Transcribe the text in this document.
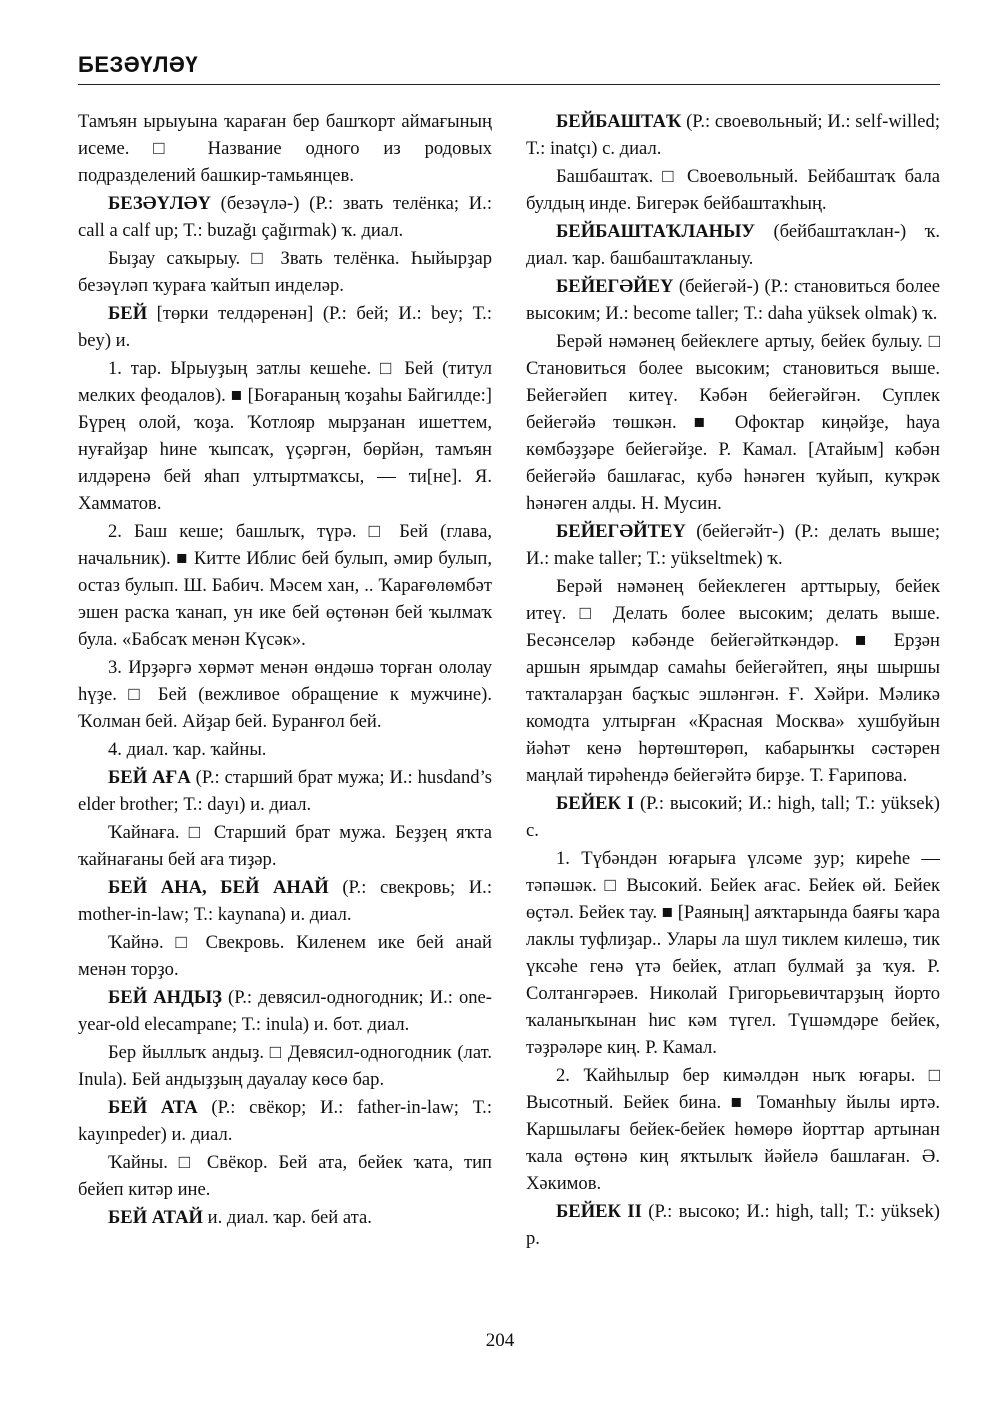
БЕЗӘҮЛӘҮ

Тамъян ырыуына ҡараған бер башҡорт аймағының исеме. □ Название одного из родовых подразделений башкир-тамьянцев.

БЕЗӘҮЛӘҮ (безәүлә-) (Р.: звать телёнка; И.: call a calf up; Т.: buzağı çağırmak) ҡ. диал.

Быҙау саҡырыу. □ Звать телёнка. Һыйырҙар безәүләп ҡураға ҡайтып инделәр.

БЕЙ [төрки телдәренән] (Р.: бей; И.: bey; Т.: bey) и.

1. тар. Ырыуҙың затлы кешеһе. □ Бей (титул мелких феодалов). ■ [Боғараның ҡоҙаһы Байгилде:] Бүрең олой, ҡоҙа. Ҡотлояр мырҙанан ишеттем, нуғайҙар һине ҡыпсаҡ, үҫәргән, бөрйән, тамъян илдәренә бей яһап ултыртмаҡсы, — ти[не]. Я. Хамматов.

2. Баш кеше; башлыҡ, түрә. □ Бей (глава, начальник). ■ Китте Иблис бей булып, әмир булып, остаз булып. Ш. Бабич. Мәсем хан, .. Ҡарағөлөмбәт эшен расҡа ҡанап, ун ике бей өҫтөнән бей ҡылмаҡ була. «Бабсаҡ менән Күсәк».

3. Ирҙәргә хөрмәт менән өндәшә торған ололау һүҙе. □ Бей (вежливое обращение к мужчине). Ҡолман бей. Айҙар бей. Буранғол бей.

4. диал. ҡар. ҡайны.

БЕЙ АҒА (Р.: старший брат мужа; И.: husdand’s elder brother; Т.: dayı) и. диал.

Ҡайнаға. □ Старший брат мужа. Беҙҙең яҡта ҡайнағаны бей аға тиҙәр.

БЕЙ АНА, БЕЙ АНАЙ (Р.: свекровь; И.: mother-in-law; Т.: kaynana) и. диал.

Ҡайнә. □ Свекровь. Киленем ике бей анай менән торҙо.

БЕЙ АНДЫҘ (Р.: девясил-одногодник; И.: one-year-old elecampane; Т.: inula) и. бот. диал.

Бер йыллыҡ андыҙ. □ Девясил-одногодник (лат. Inula). Бей андыҙҙың дауалау көсө бар.

БЕЙ АТА (Р.: свёкор; И.: father-in-law; Т.: kayınpeder) и. диал.

Ҡайны. □ Свёкор. Бей ата, бейек ҡата, тип бейеп китәр ине.

БЕЙ АТАЙ и. диал. ҡар. бей ата.

БЕЙБАШТАҠ (Р.: своевольный; И.: self-willed; Т.: inatçı) с. диал.

Башбаштаҡ. □ Своевольный. Бейбаштаҡ бала булдың инде. Бигерәк бейбаштаҡһың.

БЕЙБАШТАҠЛАНЫУ (бейбаштаҡлан-) ҡ. диал. ҡар. башбаштаҡланыу.

БЕЙЕГӘЙЕҮ (бейегәй-) (Р.: становиться более высоким; И.: become taller; Т.: daha yüksek olmak) ҡ.

Берәй нәмәнең бейеклеге артыу, бейек булыу. □ Становиться более высоким; становиться выше. Бейегәйеп китеү. Кәбән бейегәйгән. Суплек бейегәйә төшкән. ■ Офоктар киңәйҙе, һауа көмбәҙҙәре бейегәйҙе. Р. Камал. [Атайым] кәбән бейегәйә башлағас, кубә һәнәген ҡуйып, куҡрәк һәнәген алды. Н. Мусин.

БЕЙЕГӘЙТЕҮ (бейегәйт-) (Р.: делать выше; И.: make taller; Т.: yükseltmek) ҡ.

Берәй нәмәнең бейеклеген арттырыу, бейек итеү. □ Делать более высоким; делать выше. Бесәнселәр кәбәнде бейегәйткәндәр. ■ Ерҙән аршын ярымдар самаһы бейегәйтеп, яңы шыршы таҡталарҙан баҫҡыс эшләнгән. Ғ. Хәйри. Мәликә комодта ултырған «Красная Москва» хушбуйын йәһәт кенә һөртөштөрөп, кабарынҡы сәстәрен маңлай тирәһендә бейегәйтә бирҙе. Т. Ғарипова.

БЕЙЕК I (Р.: высокий; И.: high, tall; Т.: yüksek) с.

1. Түбәндән юғарыға үлсәме ҙур; киреһе — тәпәшәк. □ Высокий. Бейек ағас. Бейек өй. Бейек өҫтәл. Бейек тау. ■ [Раяның] аяҡтарында баяғы ҡара лаклы туфлиҙар.. Улары ла шул тиклем килешә, тик үксәһе генә үтә бейек, атлап булмай ҙа ҡуя. Р. Солтангәрәев. Николай Григорьевичтарҙың йорто ҡаланыҡынан һис кәм түгел. Түшәмдәре бейек, тәҙрәләре киң. Р. Камал.

2. Ҡайһылыр бер кимәлдән ныҡ юғары. □ Высотный. Бейек бина. ■ Томанһыу йылы иртә. Каршылағы бейек-бейек һөмөрө йорттар артынан ҡала өҫтөнә киң яҡтылыҡ йәйелә башлаған. Ә. Хәкимов.

БЕЙЕК II (Р.: высоко; И.: high, tall; Т.: yüksek) р.

204
